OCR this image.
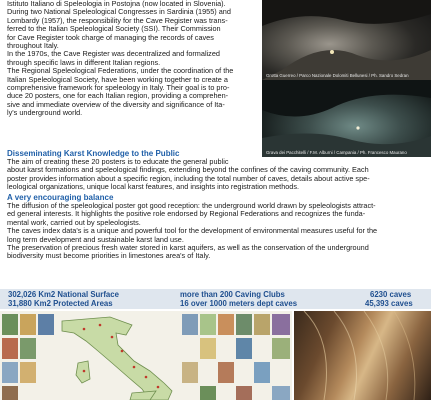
Istituto Italiano di Speleologia in Postojna (now located in Slovenia).
During two National Speleological Congresses in Sardinia (1955) and
Lombardy (1957), the responsibility for the Cave Register was trans-
ferred to the Italian Speleological Society (SSI). Their Commission
for Cave Register took charge of managing the records of caves
throughout Italy.
In the 1970s, the Cave Register was decentralized and formalized
through specific laws in different Italian regions.
The Regional Speleological Federations, under the coordination of the
Italian Speleological Society, have been working together to create a
comprehensive framework for speleology in Italy. Their goal is to pro-
duce 20 posters, one for each Italian region, providing a comprehen-
sive and immediate overview of the diversity and significance of Ita-
ly's underground world.
Grotta Guerreo / Parco Nazionale Dolomiti Bellunesi / Ph. Sandro Sedran
Grava dei Pacchitelli / F.M. Alburni / Campania / Ph. Francesco Maurano
Disseminating Karst Knowledge to the Public
The aim of creating these 20 posters is to educate the general public
about karst formations and speleological findings, extending beyond the confines of the caving community. Each
poster provides information about a specific region, including the total number of caves, details about active spe-
leological organizations, unique local karst features, and insights into registration methods.
A very encouraging balance
The diffusion of the speleological poster got good reception: the underground world drawn by speleologists attract-
ed general interests. It highlights the positive role endorsed by Regional Federations and recognizes the fundа-
mental work, carried out by speleologists.
The caves index data's is a unique and powerful tool for the development of environmental measures useful for the
long term development and sustainable karst land use.
The preservation of precious fresh water stored in karst aquifers, as well as the conservation of the underground
biodiversity must become priorities in limestones area's of Italy.
302,026 Km2 National Surface
31,880 Km2 Protected Areas
more than 200 Caving Clubs
16 over 1000 meters dept caves
6230 caves
45,393 caves
